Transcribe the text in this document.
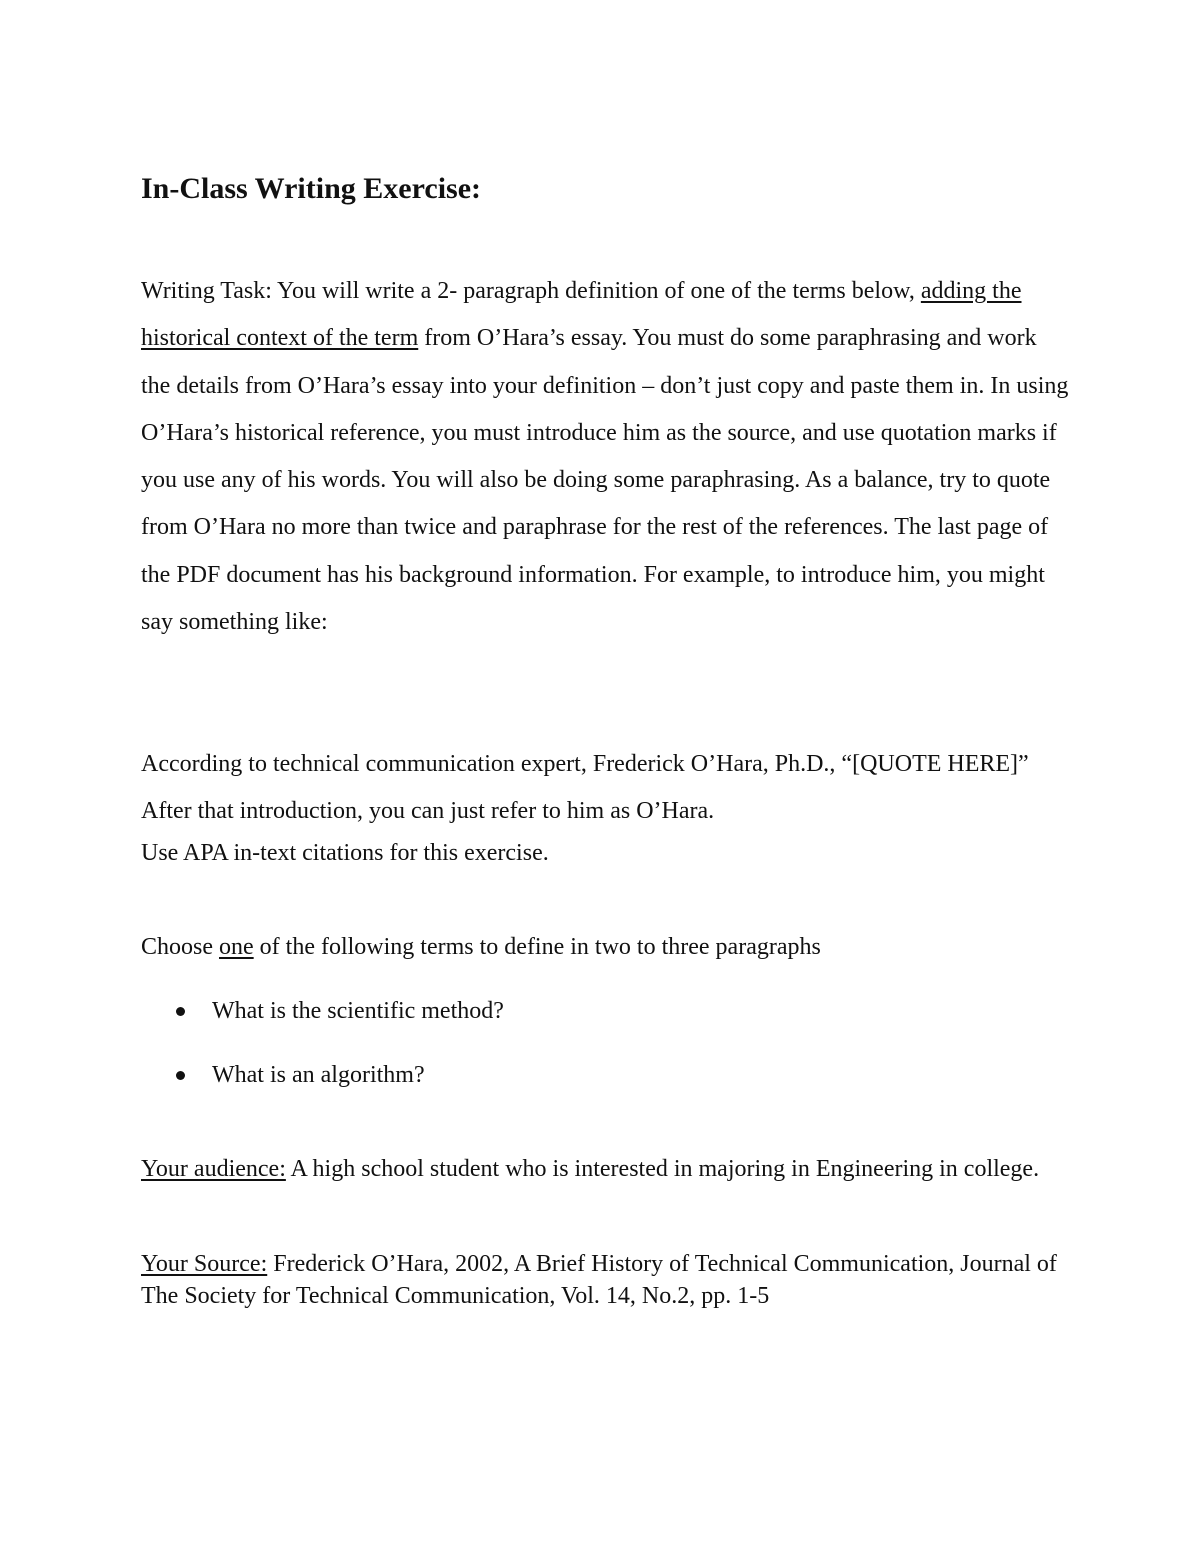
In-Class Writing Exercise:

Writing Task: You will write a 2- paragraph definition of one of the terms below, adding the historical context of the term from O’Hara’s essay. You must do some paraphrasing and work the details from O’Hara’s essay into your definition – don’t just copy and paste them in. In using O’Hara’s historical reference, you must introduce him as the source, and use quotation marks if you use any of his words. You will also be doing some paraphrasing. As a balance, try to quote from O’Hara no more than twice and paraphrase for the rest of the references. The last page of the PDF document has his background information. For example, to introduce him, you might say something like:

According to technical communication expert, Frederick O’Hara, Ph.D., “[QUOTE HERE]” After that introduction, you can just refer to him as O’Hara.

Use APA in-text citations for this exercise.

Choose one of the following terms to define in two to three paragraphs

What is the scientific method?
What is an algorithm?

Your audience: A high school student who is interested in majoring in Engineering in college.

Your Source: Frederick O’Hara, 2002, A Brief History of Technical Communication, Journal of The Society for Technical Communication, Vol. 14, No.2, pp. 1-5
